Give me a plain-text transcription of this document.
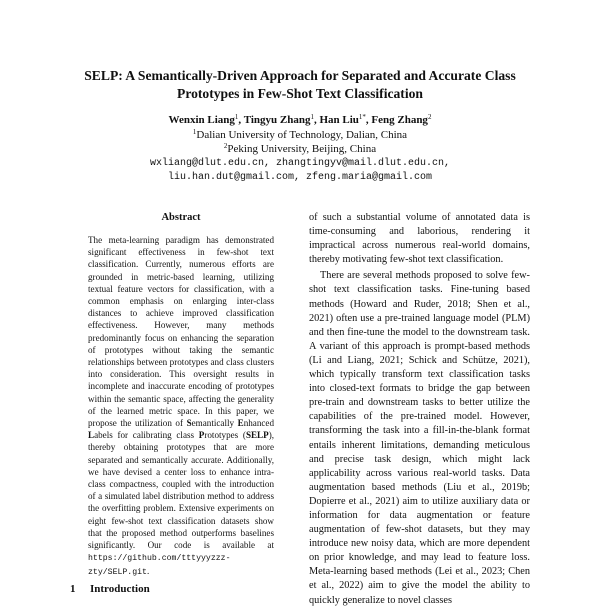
SELP: A Semantically-Driven Approach for Separated and Accurate Class
Prototypes in Few-Shot Text Classification
Wenxin Liang$^1$, Tingyu Zhang$^1$, Han Liu$^{1*}$, Feng Zhang$^2$
$^1$Dalian University of Technology, Dalian, China
$^2$Peking University, Beijing, China
wxliang@dlut.edu.cn, zhangtingyv@mail.dlut.edu.cn,
liu.han.dut@gmail.com, zfeng.maria@gmail.com
Abstract

The meta-learning paradigm has demonstrated significant effectiveness in few-shot text classification. Currently, numerous efforts are grounded in metric-based learning, utilizing textual feature vectors for classification, with a common emphasis on enlarging inter-class distances to achieve improved classification effectiveness. However, many methods predominantly focus on enhancing the separation of prototypes without taking the semantic relationships between prototypes and class clusters into consideration. This oversight results in incomplete and inaccurate encoding of prototypes within the semantic space, affecting the generality of the learned metric space. In this paper, we propose the utilization of Semantically Enhanced Labels for calibrating class Prototypes (SELP), thereby obtaining prototypes that are more separated and semantically accurate. Additionally, we have devised a center loss to enhance intra-class compactness, coupled with the introduction of a simulated label distribution method to address the overfitting problem. Extensive experiments on eight few-shot text classification datasets show that the proposed method outperforms baselines significantly. Our code is available at https://github.com/tttyyyzzz-zty/SELP.git.

of such a substantial volume of annotated data is time-consuming and laborious, rendering it impractical across numerous real-world domains, thereby motivating few-shot text classification.

There are several methods proposed to solve few-shot text classification tasks. Fine-tuning based methods (Howard and Ruder, 2018; Shen et al., 2021) often use a pre-trained language model (PLM) and then fine-tune the model to the downstream task. A variant of this approach is prompt-based methods (Li and Liang, 2021; Schick and Schütze, 2021), which typically transform text classification tasks into closed-text formats to bridge the gap between pre-train and downstream tasks to better utilize the capabilities of the pre-trained model. However, transforming the task into a fill-in-the-blank format entails inherent limitations, demanding meticulous and precise task design, which might lack applicability across various real-world tasks. Data augmentation based methods (Liu et al., 2019b; Dopierre et al., 2021) aim to utilize auxiliary data or information for data augmentation or feature augmentation of few-shot datasets, but they may introduce new noisy data, which are more dependent on prior knowledge, and may lead to feature loss. Meta-learning based methods (Lei et al., 2023; Chen et al., 2022) aim to give the model the ability to quickly generalize to novel classes

1 Introduction
